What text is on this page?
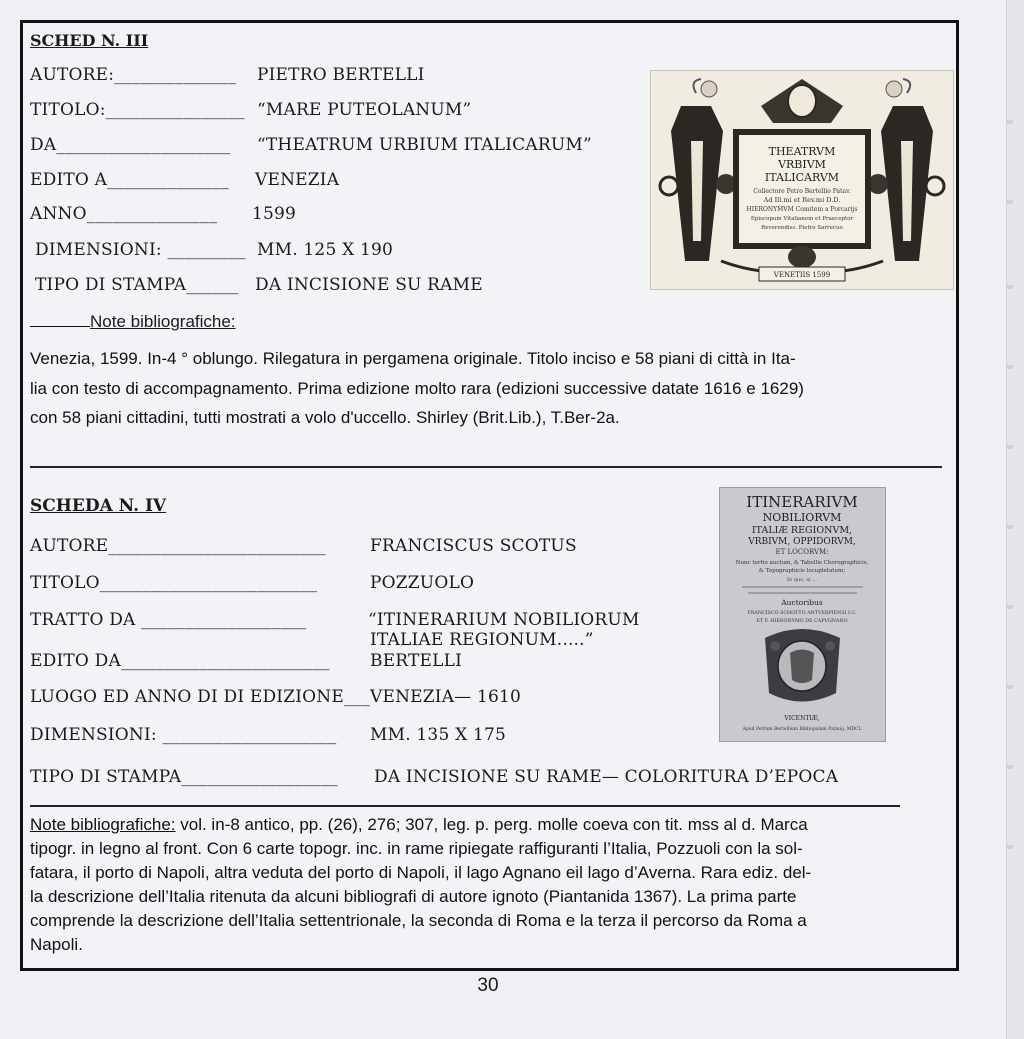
SCHED N. III
AUTORE:______________ PIETRO BERTELLI
TITOLO:________________ “MARE PUTEOLANUM”
DA____________________ “THEATRUM URBIUM ITALICARUM”
EDITO A______________ VENEZIA
ANNO_______________ 1599
DIMENSIONI: _________ MM. 125 X 190
TIPO DI STAMPA______ DA INCISIONE SU RAME
Note bibliografiche:
Venezia, 1599. In-4 ° oblungo. Rilegatura in pergamena originale. Titolo inciso e 58 piani di città in Ita-
lia con testo di accompagnamento. Prima edizione molto rara (edizioni successive datate 1616 e 1629)
con 58 piani cittadini, tutti mostrati a volo d'uccello. Shirley (Brit.Lib.), T.Ber-2a.
THEATRVM
VRBIVM
ITALICARVM
Collectore Petro Bertellio Patav.
Ad Ill.mi et Rev.mi D.D.
HIERONYMVM Comitem a Porcarijs
Episcopum Vitalianem et Praeceptor
Reverendiss. Pietro Sarrecuo
VENETIIS 1599
SCHEDA N. IV
AUTORE_________________________	FRANCISCUS SCOTUS
TITOLO_________________________	POZZUOLO
TRATTO DA ___________________	“ITINERARIUM NOBILIORUM
ITALIAE REGIONUM.....”
EDITO DA________________________ BERTELLI
LUOGO ED ANNO DI DI EDIZIONE___ VENEZIA— 1610
DIMENSIONI: ____________________ MM. 135 X 175
TIPO DI STAMPA__________________ DA INCISIONE SU RAME— COLORITURA D’EPOCA
Note bibliografiche: vol. in-8 antico, pp. (26), 276; 307, leg. p. perg. molle coeva con tit. mss al d. Marca
tipogr. in legno al front. Con 6 carte topogr. inc. in rame ripiegate raffiguranti l’Italia, Pozzuoli con la sol-
fatara, il porto di Napoli, altra veduta del porto di Napoli, il lago Agnano eil lago d’Averna. Rara ediz. del-
la descrizione dell’Italia ritenuta da alcuni bibliografi di autore ignoto (Piantanida 1367). La prima parte
comprende la descrizione dell’Italia settentrionale, la seconda di Roma e la terza il percorso da Roma a
Napoli.
ITINERARIVM
NOBILIORVM
ITALIÆ REGIONVM,
VRBIVM, OPPIDORVM,
ET LOCORVM:
Nunc tertio auctum, & Tabellis Chorographicis,
& Topographicis locupletatum;
In quo, si ...
Auctoribus
FRANCISCO SCHOTTO ANTVERPIENSI I.C.
ET F. HIERONYMO DE CAPVGNANO
VICENTIÆ,
Apud Petrum Bertellium Bibliopolam Patauij. MDCL
30
